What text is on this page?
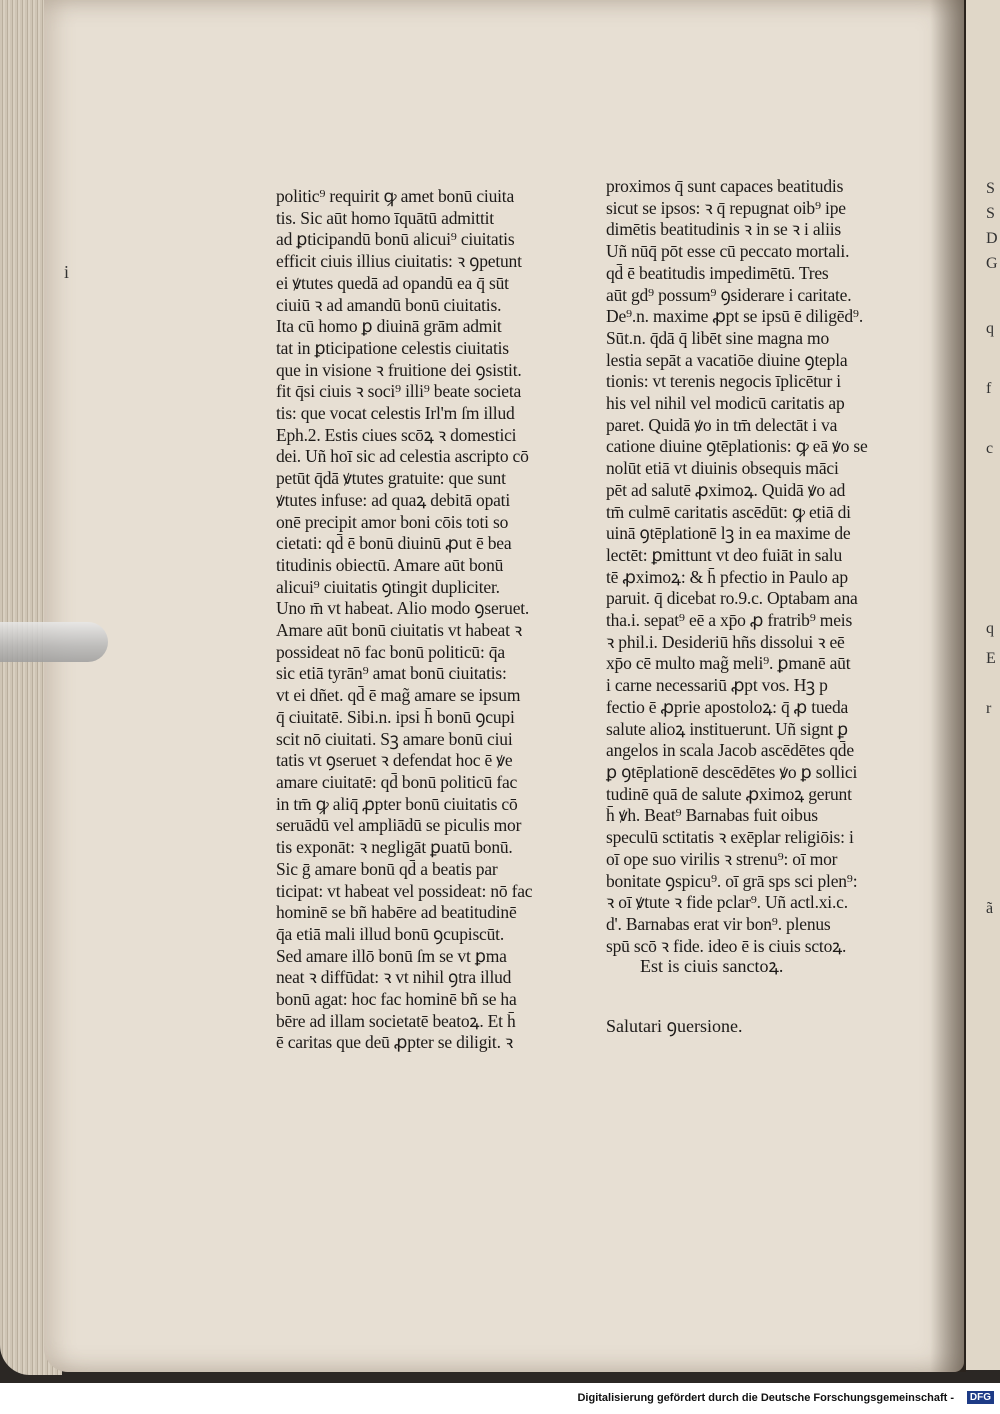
S
S
D
G
q
f
c
q
E
r
ã
i
politic⁹ requirit ꝙ amet bonū ciuita
tis. Sic aūt homo īquātū admittit
ad ꝑticipandū bonū alicui⁹ ciuitatis
efficit ciuis illius ciuitatis: ꝛ ꝯpetunt
ei ꝟtutes quedā ad opandū ea q̄ sūt
ciuiū ꝛ ad amandū bonū ciuitatis.
Ita cū homo ꝑ diuinā grām admit
tat in ꝑticipatione celestis ciuitatis
que in visione ꝛ fruitione dei ꝯsistit.
fit q̄si ciuis ꝛ soci⁹ illi⁹ beate societa
tis: que vocat celestis Irl'm ſm illud
Eph.2. Estis ciues scōꝝ ꝛ domestici
dei. Uñ hoī sic ad celestia ascripto cō
petūt q̄dā ꝟtutes gratuite: que sunt
ꝟtutes infuse: ad quaꝝ debitā opati
onē precipit amor boni cōis toti so
cietati: qd̄ ē bonū diuinū ꝓut ē bea
titudinis obiectū. Amare aūt bonū
alicui⁹ ciuitatis ꝯtingit dupliciter.
Uno m̄ vt habeat. Alio modo ꝯseruet.
Amare aūt bonū ciuitatis vt habeat ꝛ
possideat nō fac bonū politicū: q̄a
sic etiā tyrān⁹ amat bonū ciuitatis:
vt ei dñet. qd̄ ē mag̃ amare se ipsum
q̄ ciuitatē. Sibi.n. ipsi h̄ bonū ꝯcupi
scit nō ciuitati. Sꝫ amare bonū ciui
tatis vt ꝯseruet ꝛ defendat hoc ē ꝟe
amare ciuitatē: qd̄ bonū politicū fac
in tm̄ ꝙ aliq̄ ꝓpter bonū ciuitatis cō
seruādū vel ampliādū se piculis mor
tis exponāt: ꝛ negligāt ꝑuatū bonū.
Sic ḡ amare bonū qd̄ a beatis par
ticipat: vt habeat vel possideat: nō fac
hominē se bñ habēre ad beatitudinē
q̄a etiā mali illud bonū ꝯcupiscūt.
Sed amare illō bonū ſm se vt ꝑma
neat ꝛ diffūdat: ꝛ vt nihil ꝯtra illud
bonū agat: hoc fac hominē bñ se ha
bēre ad illam societatē beatoꝝ. Et h̄
ē caritas que deū ꝓpter se diligit. ꝛ
proximos q̄ sunt capaces beatitudis
sicut se ipsos: ꝛ q̄ repugnat oib⁹ ipe
dimētis beatitudinis ꝛ in se ꝛ i aliis
Uñ nūq̄ pōt esse cū peccato mortali.
qd̄ ē beatitudis impedimētū. Tres
aūt gd⁹ possum⁹ ꝯsiderare i caritate.
De⁹.n. maxime ꝓpt se ipsū ē diligēd⁹.
Sūt.n. q̄dā q̄ libēt sine magna mo
lestia sepāt a vacatiōe diuine ꝯtepla
tionis: vt terenis negocis īplicētur i
his vel nihil vel modicū caritatis ap
paret. Quidā ꝟo in tm̄ delectāt i va
catione diuine ꝯtēplationis: ꝙ eā ꝟo se
nolūt etiā vt diuinis obsequis māci
pēt ad salutē ꝓximoꝝ. Quidā ꝟo ad
tm̄ culmē caritatis ascēdūt: ꝙ etiā di
uinā ꝯtēplationē lꝫ in ea maxime de
lectēt: ꝑmittunt vt deo fuiāt in salu
tē ꝓximoꝝ: & h̄ pfectio in Paulo ap
paruit. q̄ dicebat ro.9.c. Optabam ana
tha.i. sepat⁹ eē a xp̄o ꝓ fratrib⁹ meis
ꝛ phil.i. Desideriū hñs dissolui ꝛ eē
xp̄o cē multo mag̃ meli⁹. ꝑmanē aūt
i carne necessariū ꝓpt vos. Hꝫ p
fectio ē ꝓprie apostoloꝝ: q̄ ꝓ tueda
salute alioꝝ instituerunt. Uñ signt ꝑ
angelos in scala Jacob ascēdētes qd̄e
ꝑ ꝯtēplationē descēdētes ꝟo ꝑ sollici
tudinē quā de salute ꝓximoꝝ gerunt
h̄ ꝟh. Beat⁹ Barnabas fuit oibus
speculū sctitatis ꝛ exēplar religiōis: i
oī ope suo virilis ꝛ strenu⁹: oī mor
bonitate ꝯspicu⁹. oī grā sps sci plen⁹:
ꝛ oī ꝟtute ꝛ fide pclar⁹. Uñ actl.xi.c.
d'. Barnabas erat vir bon⁹. plenus
spū scō ꝛ fide. ideo ē is ciuis sctoꝝ.
Est is ciuis sanctoꝝ.
Salutari ꝯuersione.
Digitalisierung gefördert durch die Deutsche Forschungsgemeinschaft -	DFG
